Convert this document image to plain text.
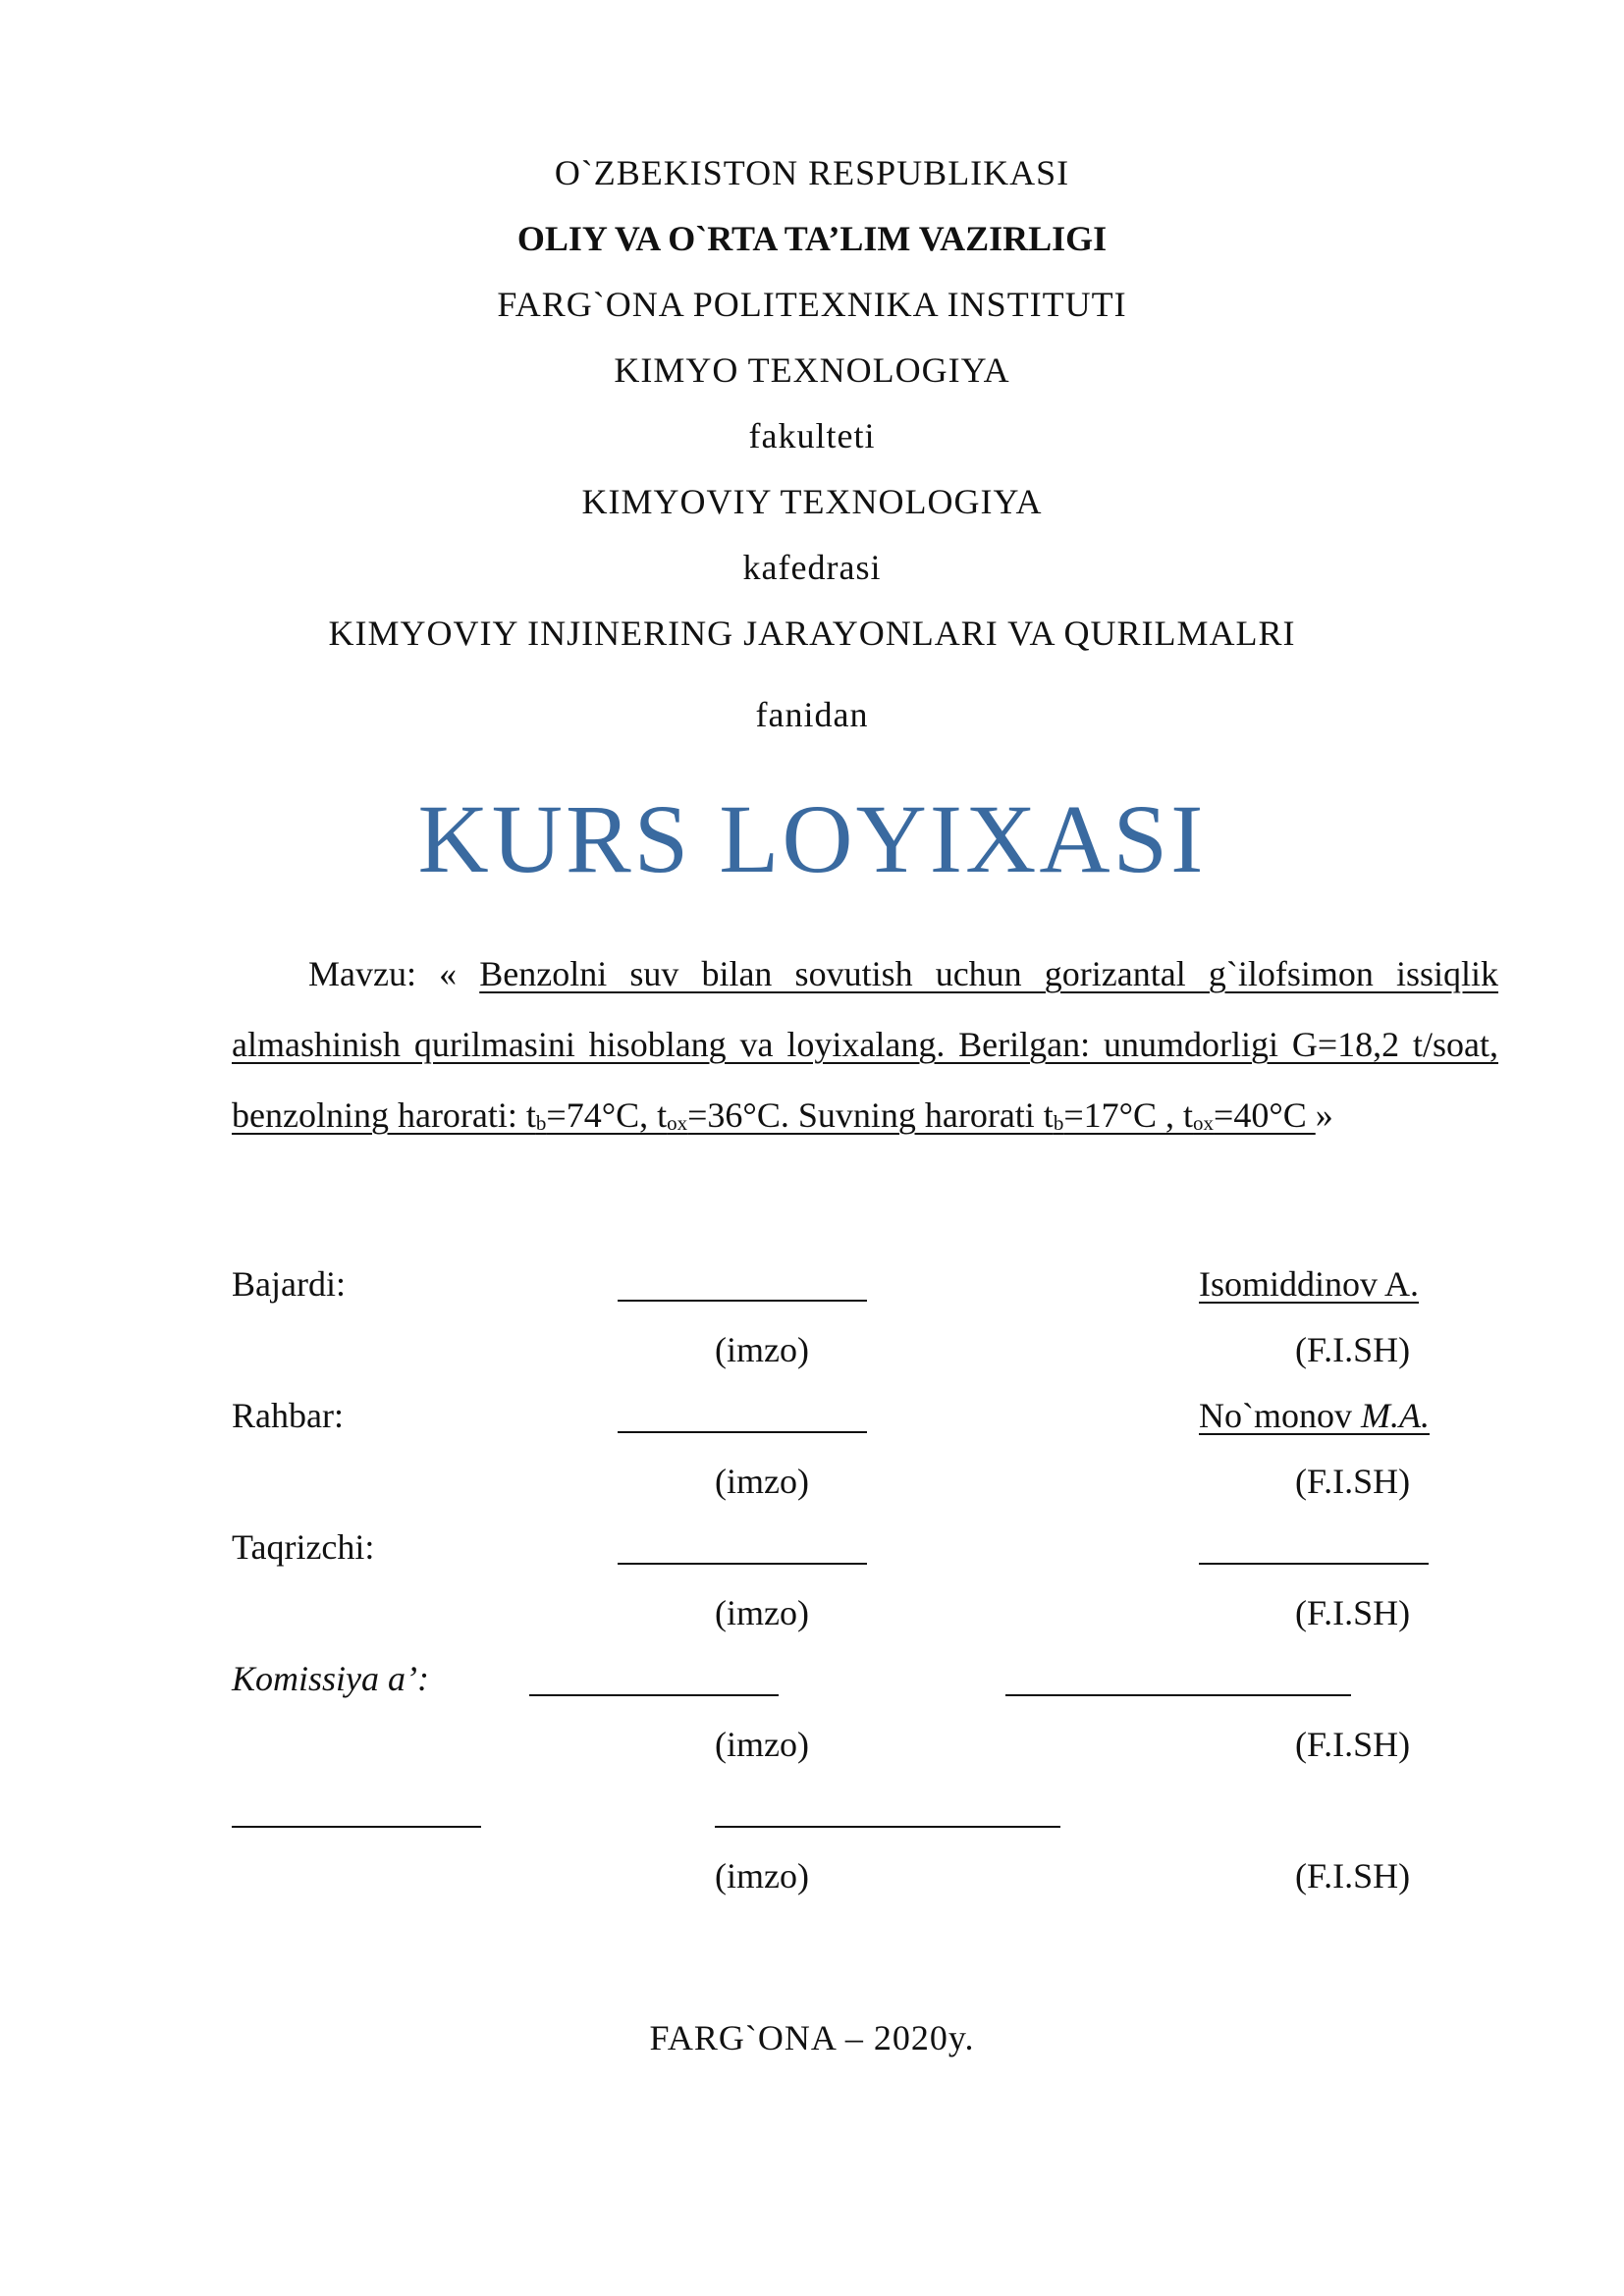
O`ZBEKISTON RESPUBLIKASI
OLIY VA O`RTA TA’LIM VAZIRLIGI
FARG`ONA POLITEXNIKA INSTITUTI
KIMYO TEXNOLOGIYA
fakulteti
KIMYOVIY TEXNOLOGIYA
kafedrasi
KIMYOVIY INJINERING JARAYONLARI VA QURILMALRI
fanidan
KURS LOYIXASI
Mavzu: « Benzolni suv bilan sovutish uchun gorizantal g`ilofsimon issiqlik almashinish qurilmasini hisoblang va loyixalang. Berilgan: unumdorligi G=18,2 t/soat, benzolning harorati: $t_b=74^\circ C$, $t_{ox}=36^\circ C$. Suvning harorati $t_b=17^\circ C$ , $t_{ox}=40^\circ C$ »
Bajardi:	Isomiddinov A.
(imzo)	(F.I.SH)
Rahbar:	No`monov M.A.
(imzo)	(F.I.SH)
Taqrizchi:
(imzo)	(F.I.SH)
Komissiya a’:
(imzo)	(F.I.SH)
(imzo)	(F.I.SH)
FARG`ONA – 2020y.
